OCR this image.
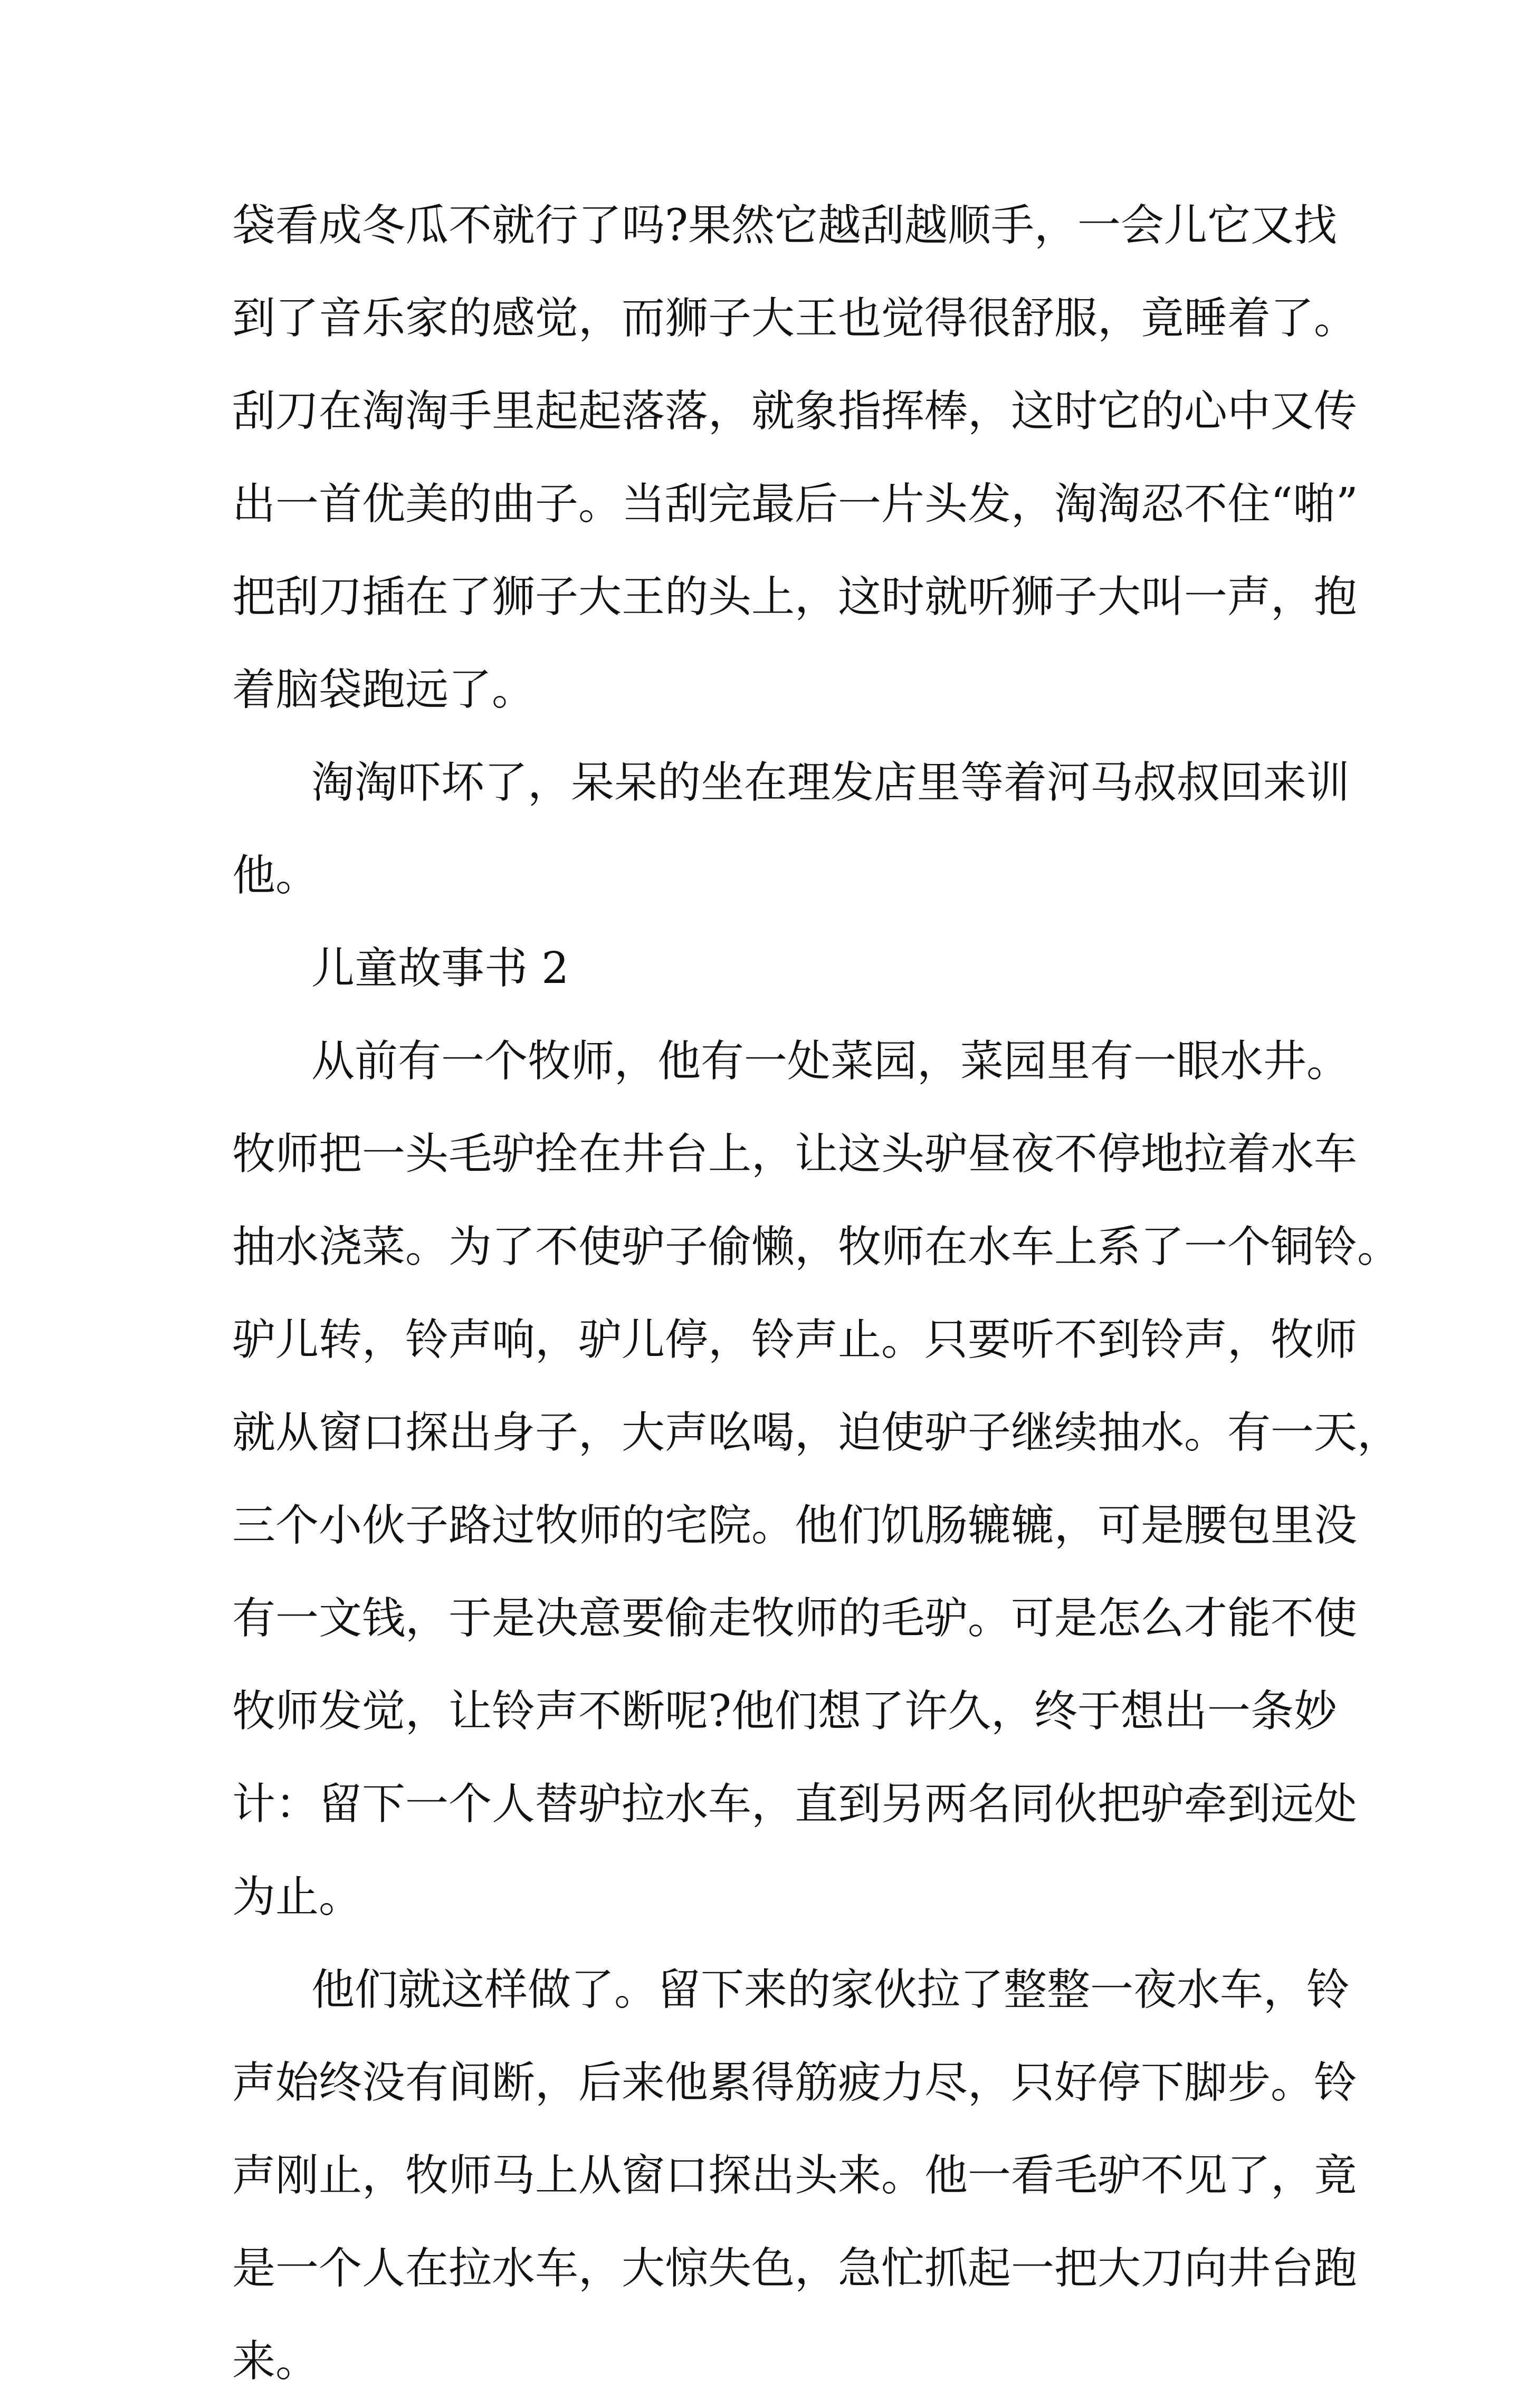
袋看成冬瓜不就行了吗?果然它越刮越顺手，一会儿它又找
到了音乐家的感觉，而狮子大王也觉得很舒服，竟睡着了。
刮刀在淘淘手里起起落落，就象指挥棒，这时它的心中又传
出一首优美的曲子。当刮完最后一片头发，淘淘忍不住“啪”
把刮刀插在了狮子大王的头上，这时就听狮子大叫一声，抱
着脑袋跑远了。
淘淘吓坏了，呆呆的坐在理发店里等着河马叔叔回来训
他。
儿童故事书 2
从前有一个牧师，他有一处菜园，菜园里有一眼水井。
牧师把一头毛驴拴在井台上，让这头驴昼夜不停地拉着水车
抽水浇菜。为了不使驴子偷懒，牧师在水车上系了一个铜铃。
驴儿转，铃声响，驴儿停，铃声止。只要听不到铃声，牧师
就从窗口探出身子，大声吆喝，迫使驴子继续抽水。有一天，
三个小伙子路过牧师的宅院。他们饥肠辘辘，可是腰包里没
有一文钱，于是决意要偷走牧师的毛驴。可是怎么才能不使
牧师发觉，让铃声不断呢?他们想了许久，终于想出一条妙
计：留下一个人替驴拉水车，直到另两名同伙把驴牵到远处
为止。
他们就这样做了。留下来的家伙拉了整整一夜水车，铃
声始终没有间断，后来他累得筋疲力尽，只好停下脚步。铃
声刚止，牧师马上从窗口探出头来。他一看毛驴不见了，竟
是一个人在拉水车，大惊失色，急忙抓起一把大刀向井台跑
来。
